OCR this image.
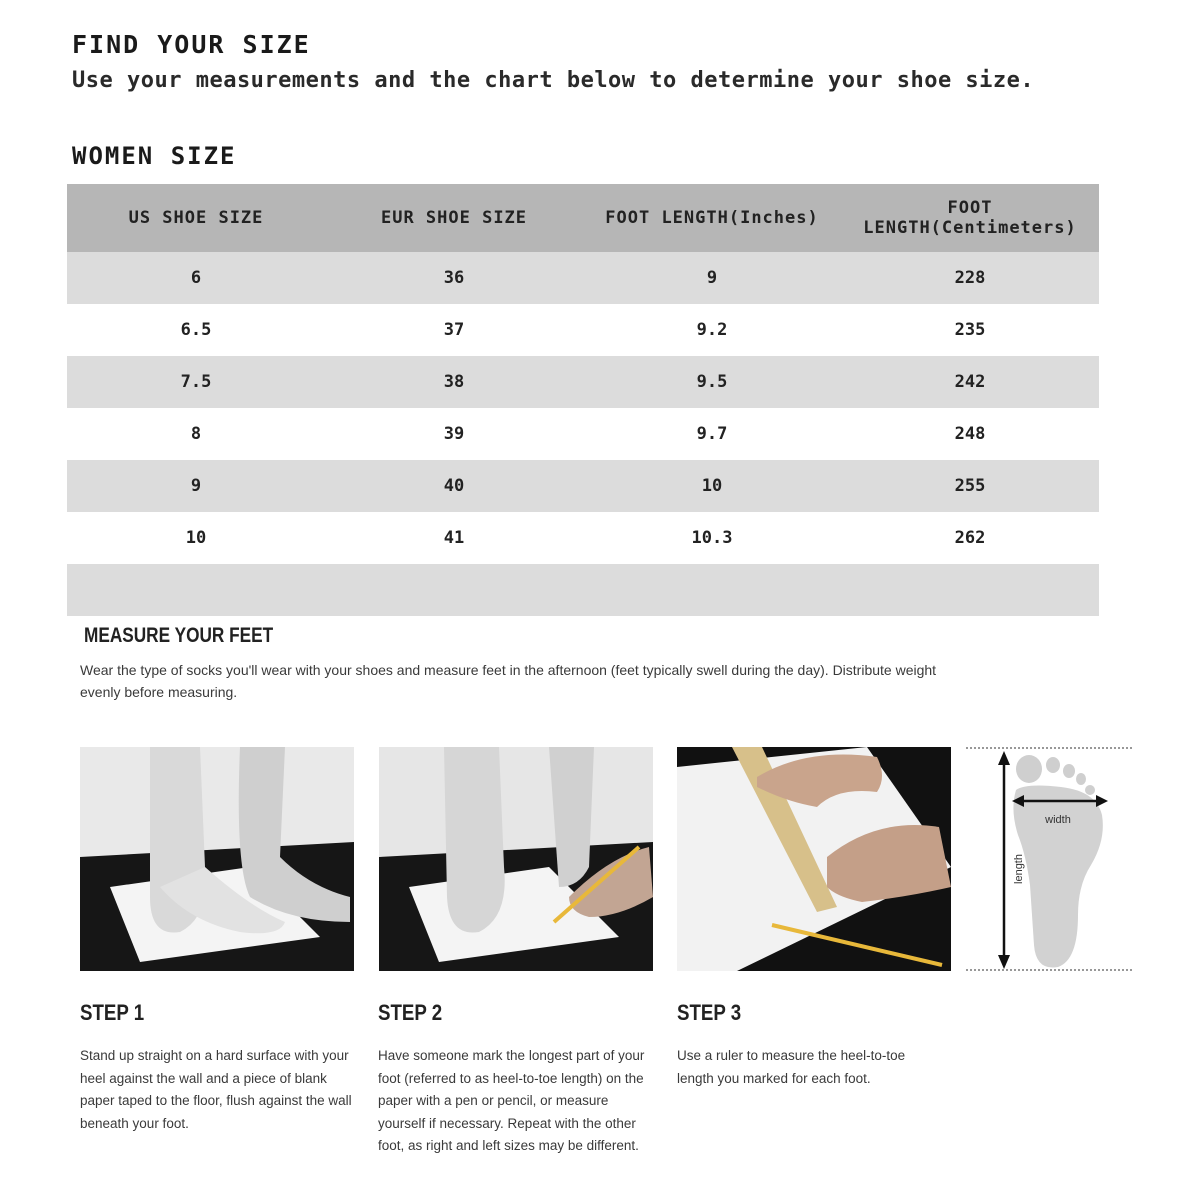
FIND YOUR SIZE

Use your measurements and the chart below to determine your shoe size.

WOMEN SIZE
US SHOE SIZE	EUR SHOE SIZE	FOOT LENGTH(Inches)	FOOT LENGTH(Centimeters)
6	36	9	228
6.5	37	9.2	235
7.5	38	9.5	242
8	39	9.7	248
9	40	10	255
10	41	10.3	262

MEASURE YOUR FEET

Wear the type of socks you'll wear with your shoes and measure feet in the afternoon (feet typically swell during the day). Distribute weight evenly before measuring.

width
length
STEP 1

Stand up straight on a hard surface with your heel against the wall and a piece of blank paper taped to the floor, flush against the wall beneath your foot.

STEP 2

Have someone mark the longest part of your foot (referred to as heel-to-toe length) on the paper with a pen or pencil, or measure yourself if necessary. Repeat with the other foot, as right and left sizes may be different.

STEP 3

Use a ruler to measure the heel-to-toe length you marked for each foot.
